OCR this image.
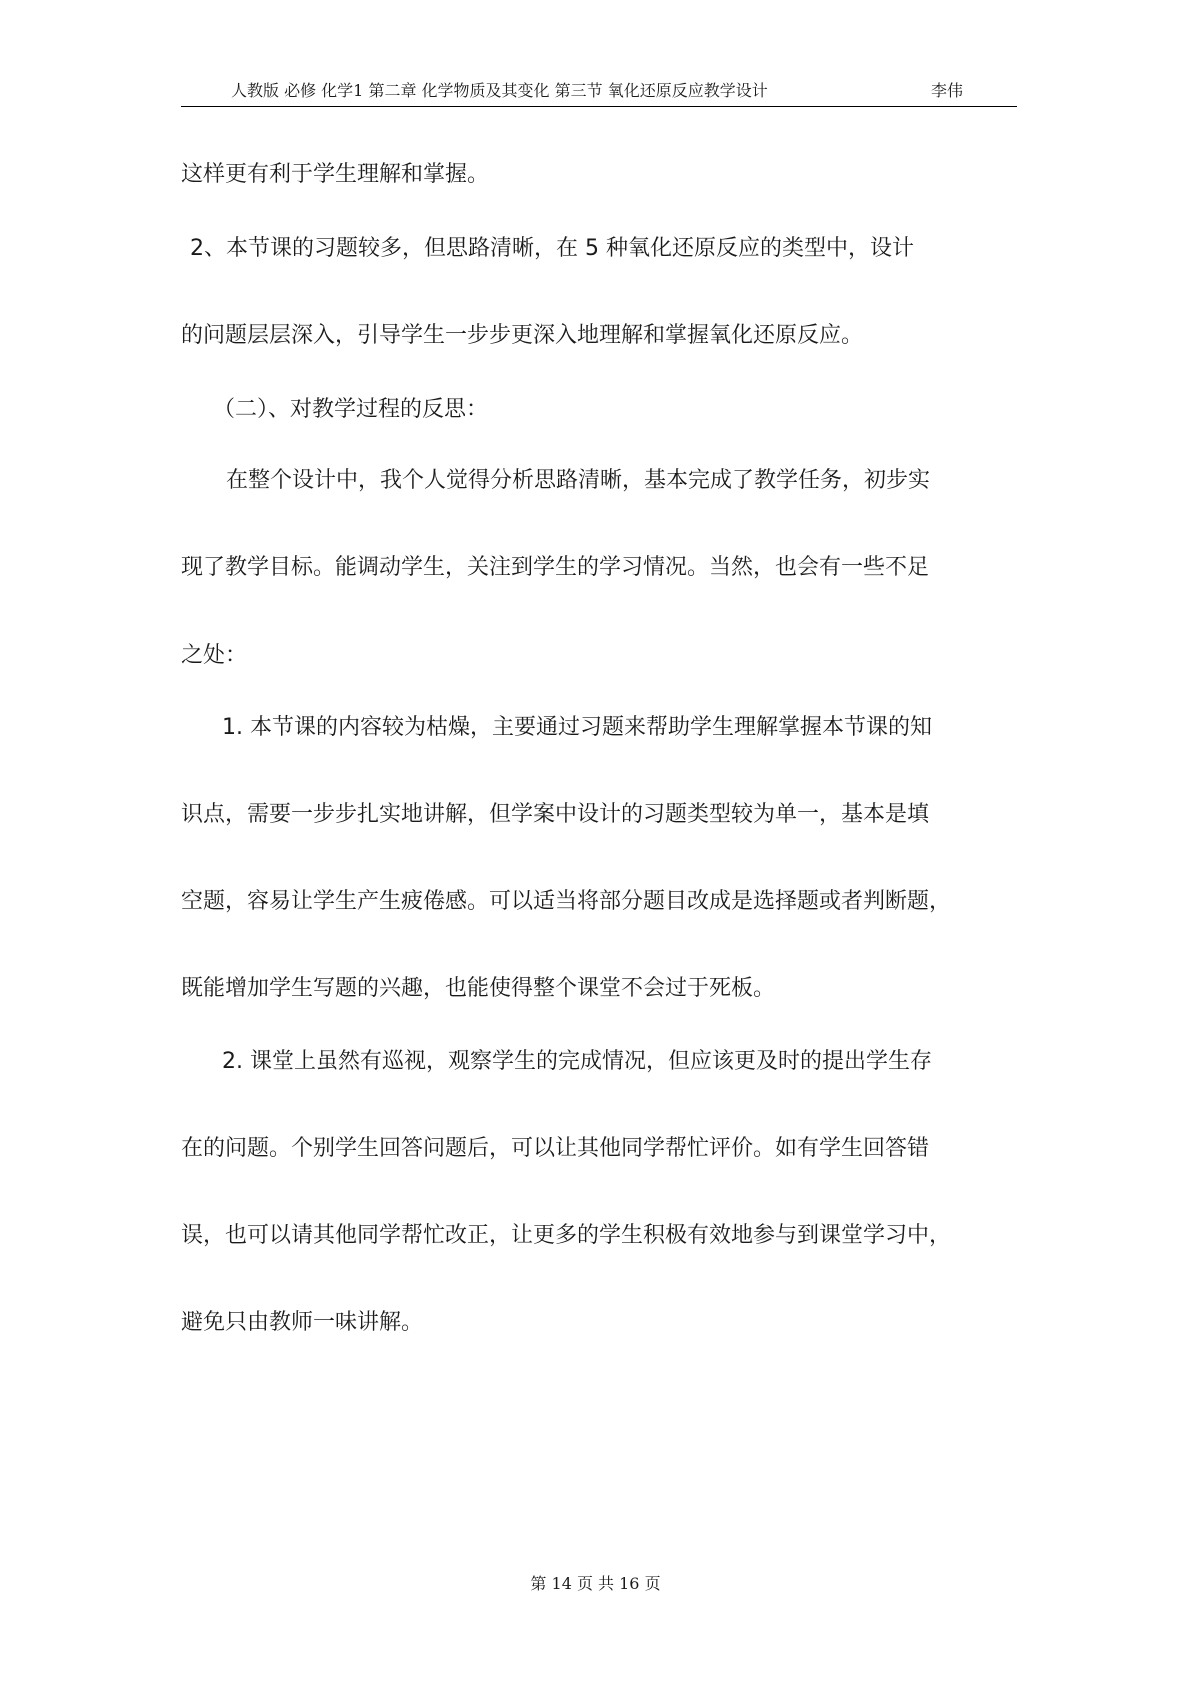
人教版 必修 化学1 第二章 化学物质及其变化 第三节 氧化还原反应教学设计	李伟
这样更有利于学生理解和掌握。
2、本节课的习题较多，但思路清晰，在 5 种氧化还原反应的类型中，设计
的问题层层深入，引导学生一步步更深入地理解和掌握氧化还原反应。
（二）、对教学过程的反思：
在整个设计中，我个人觉得分析思路清晰，基本完成了教学任务，初步实
现了教学目标。能调动学生，关注到学生的学习情况。当然，也会有一些不足
之处：
1. 本节课的内容较为枯燥，主要通过习题来帮助学生理解掌握本节课的知
识点，需要一步步扎实地讲解，但学案中设计的习题类型较为单一，基本是填
空题，容易让学生产生疲倦感。可以适当将部分题目改成是选择题或者判断题，
既能增加学生写题的兴趣，也能使得整个课堂不会过于死板。
2. 课堂上虽然有巡视，观察学生的完成情况，但应该更及时的提出学生存
在的问题。个别学生回答问题后，可以让其他同学帮忙评价。如有学生回答错
误，也可以请其他同学帮忙改正，让更多的学生积极有效地参与到课堂学习中，
避免只由教师一味讲解。
第 14 页 共 16 页
